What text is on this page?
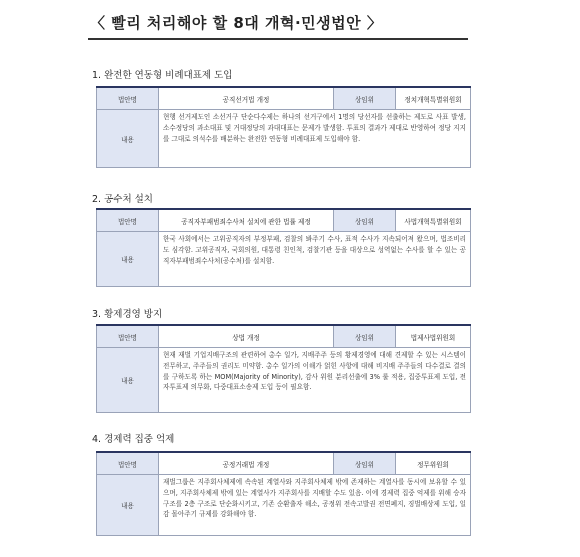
〈 빨리 처리해야 할 8대 개혁·민생법안 〉
1. 완전한 연동형 비례대표제 도입
법안명	공직선거법 개정	상임위	정치개혁특별위원회
내용	현행 선거제도인 소선거구 단순다수제는 하나의 선거구에서 1명의 당선자를 선출하는 제도로 사표 발생, 소수정당의 과소대표 및 거대정당의 과대대표는 문제가 발생함. 투표의 결과가 제대로 반영하여 정당 지지를 그대로 의석수를 배분하는 완전한 연동형 비례대표제 도입해야 함.		
2. 공수처 설치
법안명	공직자부패범죄수사처 설치에 관한 법률 제정	상임위	사법개혁특별위원회
내용	한국 사회에서는 고위공직자의 부정부패, 검찰의 봐주기 수사, 표적 수사가 지속되어져 왔으며, 법조비리도 심각함. 고위공직자, 국회의원, 대통령 친인척, 검찰기관 등을 대상으로 성역없는 수사를 할 수 있는 공직자부패범죄수사처(공수처)를 설치함.		
3. 황제경영 방지
법안명	상법 개정	상임위	법제사법위원회
내용	현재 재벌 기업지배구조의 관련하여 총수 일가, 지배주주 등의 황제경영에 대해 견제할 수 있는 시스템이 전무하고, 주주들의 권리도 미약함. 총수 일가의 이해가 얽힌 사항에 대해 비지배 주주들의 다수결로 결의를 구하도록 하는 MOM(Majority of Minority), 감사 위원 분리선출에 3% 룰 적용, 집중투표제 도입, 전자투표제 의무화, 다중대표소송제 도입 등이 필요함.		
4. 경제력 집중 억제
법안명	공정거래법 개정	상임위	정무위원회
내용	재벌그룹은 지주회사체제에 속속된 계열사와 지주회사체제 밖에 존재하는 계열사를 동시에 보유할 수 있으며, 지주회사체제 밖에 있는 계열사가 지주회사를 지배할 수도 있음. 이에 경제력 집중 억제를 위해 승자구조를 2층 구조로 단순화시키고, 기존 순환출자 해소, 공정위 전속고발권 전면폐지, 징벌배상제 도입, 일감 몰아주기 규제를 강화해야 함.		
